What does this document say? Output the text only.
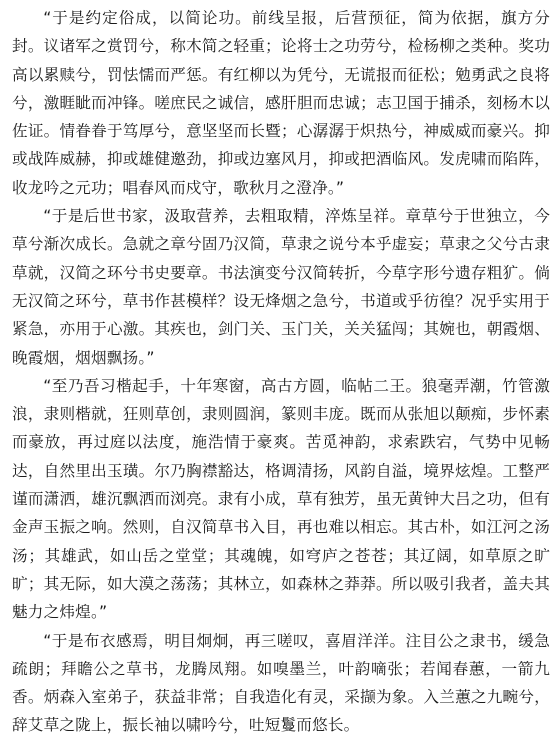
“于是约定俗成，以简论功。前线呈报，后营预征，简为依据，旗方分封。议诸军之赏罚兮，称木简之轻重；论将士之功劳兮，检杨柳之类种。奖功高以累赎兮，罚怯懦而严惩。有红柳以为凭兮，无谎报而征松；勉勇武之良将兮，激睚眦而冲锋。嗟庶民之诚信，感肝胆而忠诚；志卫国于捕杀，刻杨木以佐证。情眷眷于笃厚兮，意坚坚而长暨；心潺潺于炽热兮，神威威而豪兴。抑或战阵威赫，抑或雄健邀劲，抑或边塞风月，抑或把酒临风。发虎啸而陷阵，收龙吟之元功；唱春风而戍守，歌秋月之澄净。”

“于是后世书家，汲取营养，去粗取精，淬炼呈祥。章草兮于世独立，今草兮渐次成长。急就之章兮固乃汉简，草隶之说兮本乎虚妄；草隶之父兮古隶草就，汉简之环兮书史要章。书法演变兮汉简转折，今草字形兮遗存粗犷。倘无汉简之环兮，草书作甚模样？设无烽烟之急兮，书道或乎彷徨？况乎实用于紧急，亦用于心激。其疾也，剑门关、玉门关，关关猛闯；其婉也，朝霞烟、晚霞烟，烟烟飘扬。”

“至乃吾习楷起手，十年寒窗，高古方圆，临帖二王。狼毫弄潮，竹管激浪，隶则楷就，狂则草创，隶则圆润，篆则丰庞。既而从张旭以颠痴，步怀素而豪放，再过庭以法度，施浩情于豪爽。苦觅神韵，求索跌宕，气势中见畅达，自然里出玉璜。尔乃胸襟豁达，格调清扬，风韵自溢，境界炫煌。工整严谨而潇洒，雄沉飘洒而浏亮。隶有小成，草有独芳，虽无黄钟大吕之功，但有金声玉振之响。然则，自汉简草书入目，再也难以相忘。其古朴，如江河之汤汤；其雄武，如山岳之堂堂；其魂魄，如穹庐之苍苍；其辽阔，如草原之旷旷；其无际，如大漠之荡荡；其林立，如森林之莽莽。所以吸引我者，盖夫其魅力之炜煌。”

“于是布衣感焉，明目炯炯，再三嗟叹，喜眉洋洋。注目公之隶书，缓急疏朗；拜瞻公之草书，龙腾凤翔。如嗅墨兰，叶韵嘀张；若闻春蕙，一箭九香。炳森入室弟子，获益非常；自我造化有灵，采撷为象。入兰蕙之九畹兮，辞艾草之陇上，振长袖以啸吟兮，吐短鬘而悠长。
